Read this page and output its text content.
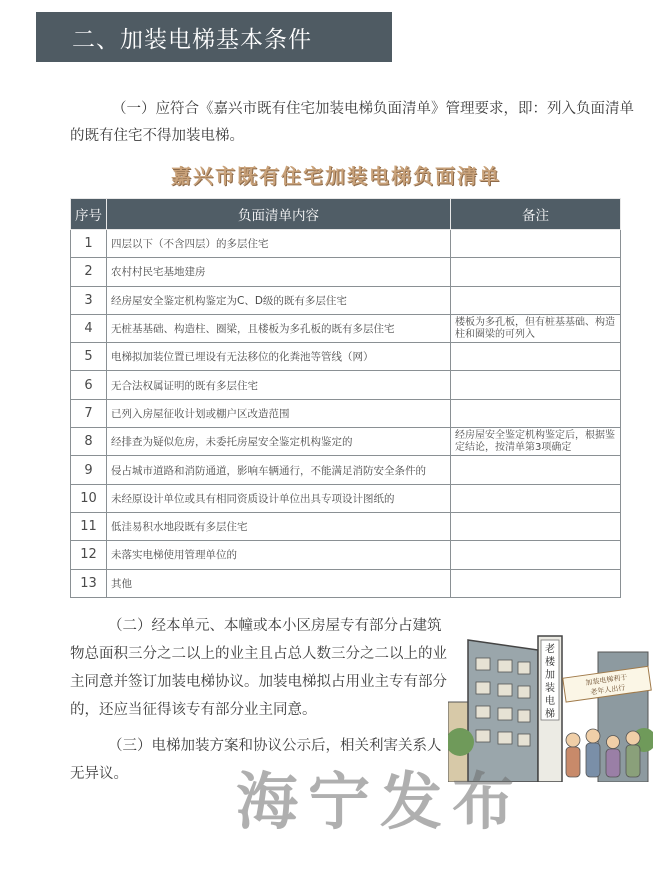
二、加装电梯基本条件
（一）应符合《嘉兴市既有住宅加装电梯负面清单》管理要求，即：列入负面清单的既有住宅不得加装电梯。
嘉兴市既有住宅加装电梯负面清单
序号	负面清单内容	备注
1	四层以下（不含四层）的多层住宅	
2	农村村民宅基地建房	
3	经房屋安全鉴定机构鉴定为C、D级的既有多层住宅	
4	无桩基基础、构造柱、圈梁，且楼板为多孔板的既有多层住宅	楼板为多孔板，但有桩基基础、构造柱和圈梁的可列入
5	电梯拟加装位置已埋设有无法移位的化粪池等管线（网）	
6	无合法权属证明的既有多层住宅	
7	已列入房屋征收计划或棚户区改造范围	
8	经排查为疑似危房，未委托房屋安全鉴定机构鉴定的	经房屋安全鉴定机构鉴定后，根据鉴定结论，按清单第3项确定
9	侵占城市道路和消防通道，影响车辆通行，不能满足消防安全条件的	
10	未经原设计单位或具有相同资质设计单位出具专项设计图纸的	
11	低洼易积水地段既有多层住宅	
12	未落实电梯使用管理单位的	
13	其他	
（二）经本单元、本幢或本小区房屋专有部分占建筑物总面积三分之二以上的业主且占总人数三分之二以上的业主同意并签订加装电梯协议。加装电梯拟占用业主专有部分的，还应当征得该专有部分业主同意。
（三）电梯加装方案和协议公示后，相关利害关系人无异议。
老
楼
加
装
电
梯
加装电梯利于
老年人出行
海宁发布
